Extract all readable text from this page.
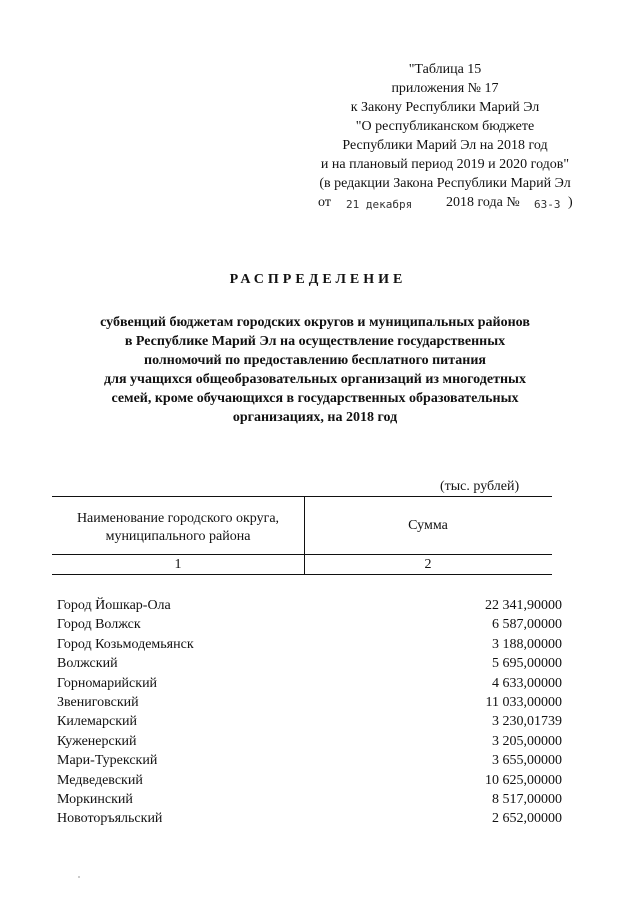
"Таблица 15
приложения № 17
к Закону Республики Марий Эл
"О республиканском бюджете
Республики Марий Эл на 2018 год
и на плановый период 2019 и 2020 годов"
(в редакции Закона Республики Марий Эл
от 21 декабря 2018 года № 63-З )
РАСПРЕДЕЛЕНИЕ
субвенций бюджетам городских округов и муниципальных районов
в Республике Марий Эл на осуществление государственных
полномочий по предоставлению бесплатного питания
для учащихся общеобразовательных организаций из многодетных
семей, кроме обучающихся в государственных образовательных
организациях, на 2018 год
(тыс. рублей)
Наименование городского округа,
муниципального района
Сумма
1	2
Город Йошкар-Ола	22 341,90000
Город Волжск	6 587,00000
Город Козьмодемьянск	3 188,00000
Волжский	5 695,00000
Горномарийский	4 633,00000
Звениговский	11 033,00000
Килемарский	3 230,01739
Куженерский	3 205,00000
Мари-Турекский	3 655,00000
Медведевский	10 625,00000
Моркинский	8 517,00000
Новоторъяльский	2 652,00000
